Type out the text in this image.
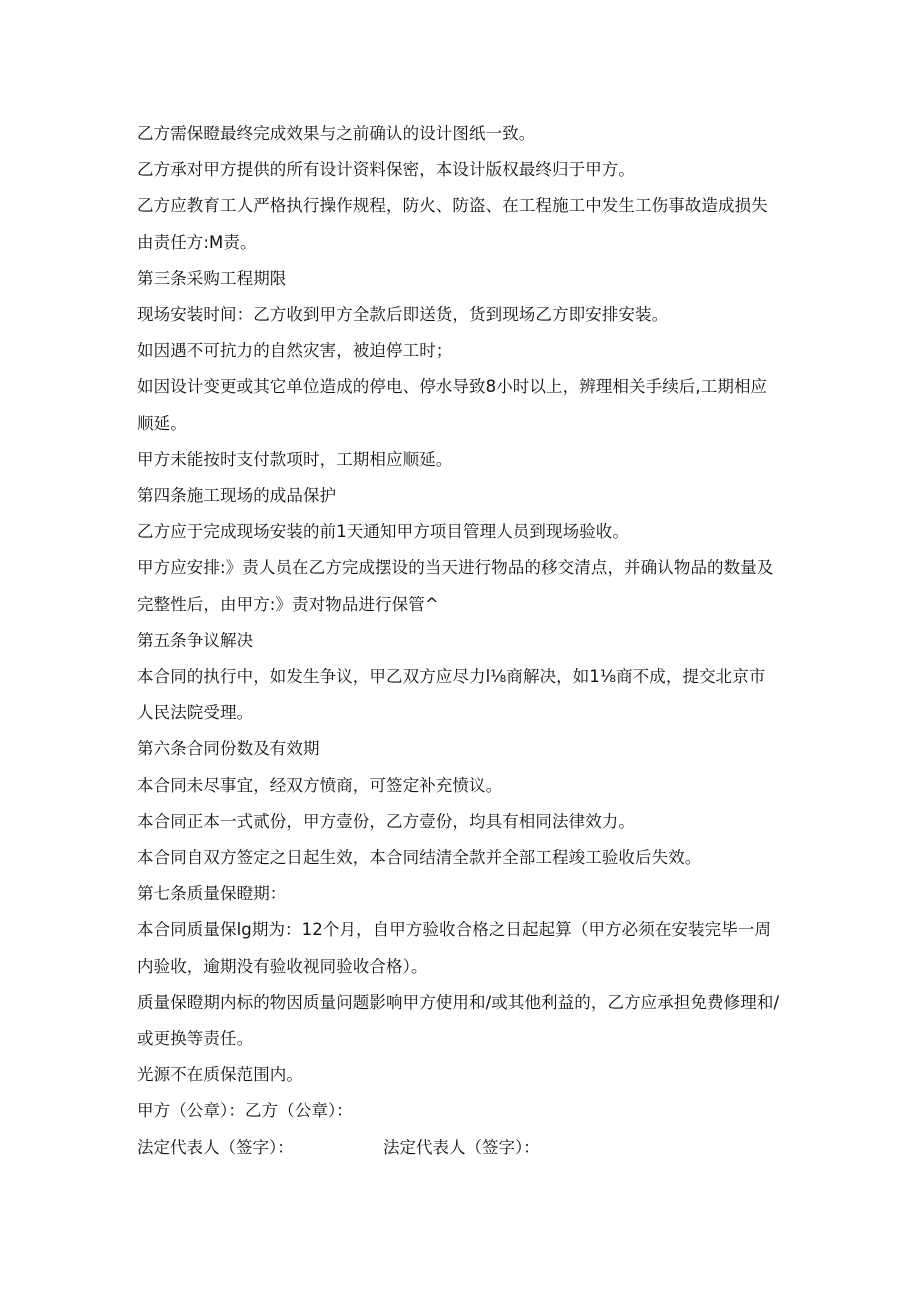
乙方需保瞪最终完成效果与之前确认的设计图纸一致。

乙方承对甲方提供的所有设计资料保密，本设计版权最终归于甲方。

乙方应教育工人严格执行操作规程，防火、防盗、在工程施工中发生工伤事故造成损失由责任方:M责。

第三条采购工程期限

现场安装时间：乙方收到甲方全款后即送货，货到现场乙方即安排安装。

如因遇不可抗力的自然灾害，被迫停工时；

如因设计变更或其它单位造成的停电、停水导致8小时以上，辨理相关手续后,工期相应顺延。

甲方未能按时支付款项时，工期相应顺延。

第四条施工现场的成品保护

乙方应于完成现场安装的前1天通知甲方项目管理人员到现场验收。

甲方应安排:》责人员在乙方完成摆设的当天进行物品的移交清点，并确认物品的数量及完整性后，由甲方:》责对物品进行保管^

第五条争议解决

本合同的执行中，如发生争议，甲乙双方应尽力l⅛商解决，如1⅛商不成，提交北京市人民法院受理。

第六条合同份数及有效期

本合同未尽事宜，经双方愤商，可签定补充愤议。

本合同正本一式贰份，甲方壹份，乙方壹份，均具有相同法律效力。

本合同自双方签定之日起生效，本合同结清全款并全部工程竣工验收后失效。

第七条质量保瞪期：

本合同质量保lg期为：12个月，自甲方验收合格之日起起算（甲方必须在安装完毕一周内验收，逾期没有验收视同验收合格）。

质量保瞪期内标的物因质量问题影响甲方使用和/或其他利益的，乙方应承担免费修理和/或更换等责任。

光源不在质保范围内。

甲方（公章）：乙方（公章）：

法定代表人（签字）：	法定代表人（签字）：
